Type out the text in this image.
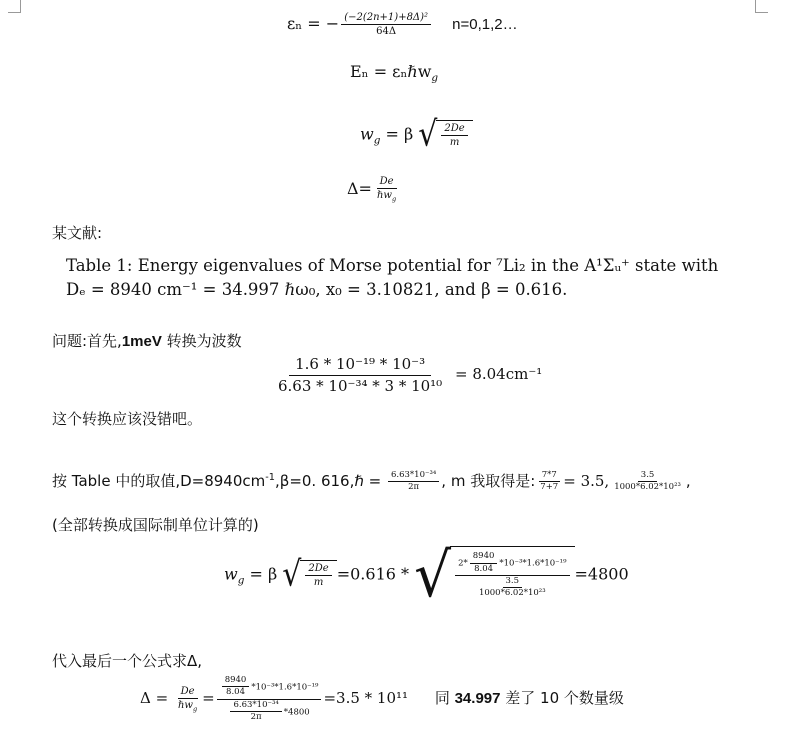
εₙ = − $\frac{\text{(−2(2n+1)+8Δ)²}}{64\Delta}$ n=0,1,2…
Eₙ = εₙℏw$_g$
$w_g = \beta$ √ $\frac{2De}{m}$
$\Delta= \frac{De}{\hbar w_g}$
某文献:
Table 1: Energy eigenvalues of Morse potential for ⁷Li₂ in the A¹Σᵤ⁺ state with
Dₑ = 8940 cm⁻¹ = 34.997 ℏω₀, x₀ = 3.10821, and β = 0.616.
问题:首先,1meV 转换为波数
$\frac{\text{1.6 * 10⁻¹⁹ * 10⁻³}}{\text{6.63 * 10⁻³⁴ * 3 * 10¹⁰}} = 8.04cm^{-1}$
这个转换应该没错吧。
按 Table 中的取值$,D=8940cm^{-1},\beta=0$. 616,ℏ = $\frac{\text{6.63*10⁻³⁴}}{2\pi}$ , m 我取得是: $\frac{7*7}{7+7} = 3.5$, $\frac{3.5}{\text{1000*6.02*10²³}}$ ,
(全部转换成国际制单位计算的)
$w_g = \beta$ √ $\frac{2De}{m} =0.616$ * √ $\frac{2* \frac{8940}{8.04} *10^{-3}*1.6*10^{-19}}{\frac{3.5}{\text{1000*6.02*10²³}}} =4800$
代入最后一个公式求Δ,
$\Delta = \frac{De}{\hbar w_g} = \frac{\frac{8940}{8.04} *10^{-3}*1.6*10^{-19}}{\frac{\text{6.63*10⁻³⁴}}{2\pi} *4800} =3.5 * 10^{11}$ 同 34.997 差了 10 个数量级
